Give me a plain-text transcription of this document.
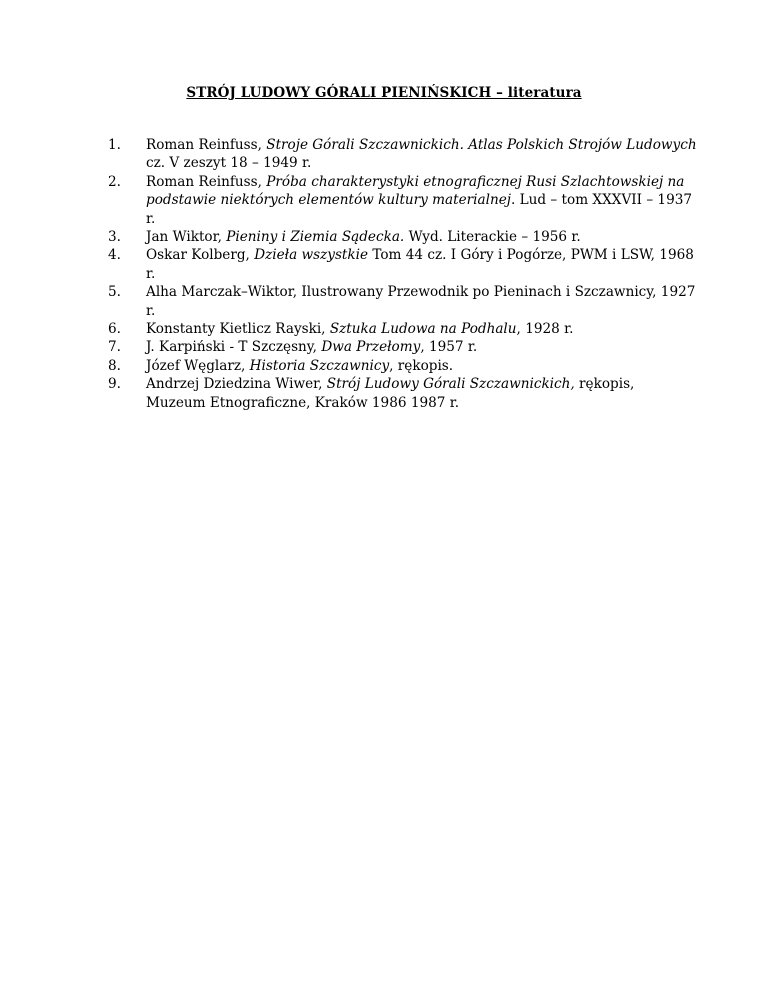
STRÓJ LUDOWY GÓRALI PIENIŃSKICH – literatura
1. Roman Reinfuss, Stroje Górali Szczawnickich. Atlas Polskich Strojów Ludowych cz. V zeszyt 18 – 1949 r.
2. Roman Reinfuss, Próba charakterystyki etnograficznej Rusi Szlachtowskiej na podstawie niektórych elementów kultury materialnej. Lud – tom XXXVII – 1937 r.
3. Jan Wiktor, Pieniny i Ziemia Sądecka. Wyd. Literackie – 1956 r.
4. Oskar Kolberg, Dzieła wszystkie Tom 44 cz. I Góry i Pogórze, PWM i LSW, 1968 r.
5. Alha Marczak–Wiktor, Ilustrowany Przewodnik po Pieninach i Szczawnicy, 1927 r.
6. Konstanty Kietlicz Rayski, Sztuka Ludowa na Podhalu, 1928 r.
7. J. Karpiński - T Szczęsny, Dwa Przełomy, 1957 r.
8. Józef Węglarz, Historia Szczawnicy, rękopis.
9. Andrzej Dziedzina Wiwer, Strój Ludowy Górali Szczawnickich, rękopis, Muzeum Etnograficzne, Kraków 1986 1987 r.
